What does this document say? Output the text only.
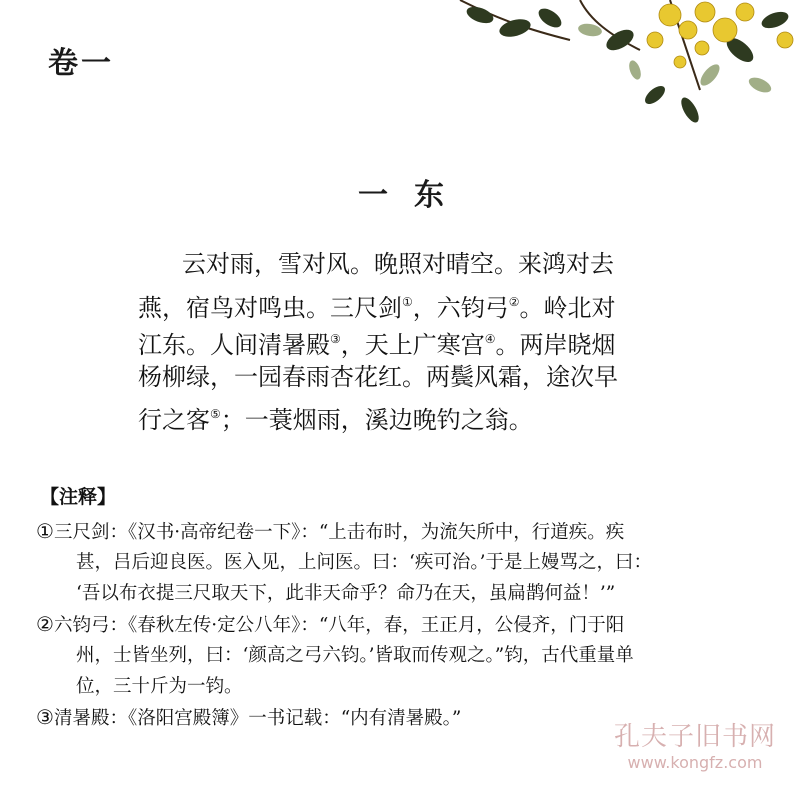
卷一
一东
云对雨，雪对风。晚照对晴空。来鸿对去
燕，宿鸟对鸣虫。三尺剑①，六钧弓②。岭北对
江东。人间清暑殿③，天上广寒宫④。两岸晓烟
杨柳绿，一园春雨杏花红。两鬓风霜，途次早
行之客⑤；一蓑烟雨，溪边晚钓之翁。
【注释】
①三尺剑：《汉书·高帝纪卷一下》：“上击布时，为流矢所中，行道疾。疾
甚，吕后迎良医。医入见，上问医。曰：‘疾可治。’于是上嫚骂之，曰：
‘吾以布衣提三尺取天下，此非天命乎？命乃在天，虽扁鹊何益！’”
②六钧弓：《春秋左传·定公八年》：“八年，春，王正月，公侵齐，门于阳
州，士皆坐列，曰：‘颜高之弓六钧。’皆取而传观之。”钧，古代重量单
位，三十斤为一钧。
③清暑殿：《洛阳宫殿簿》一书记载：“内有清暑殿。”
孔夫子旧书网
www.kongfz.com
